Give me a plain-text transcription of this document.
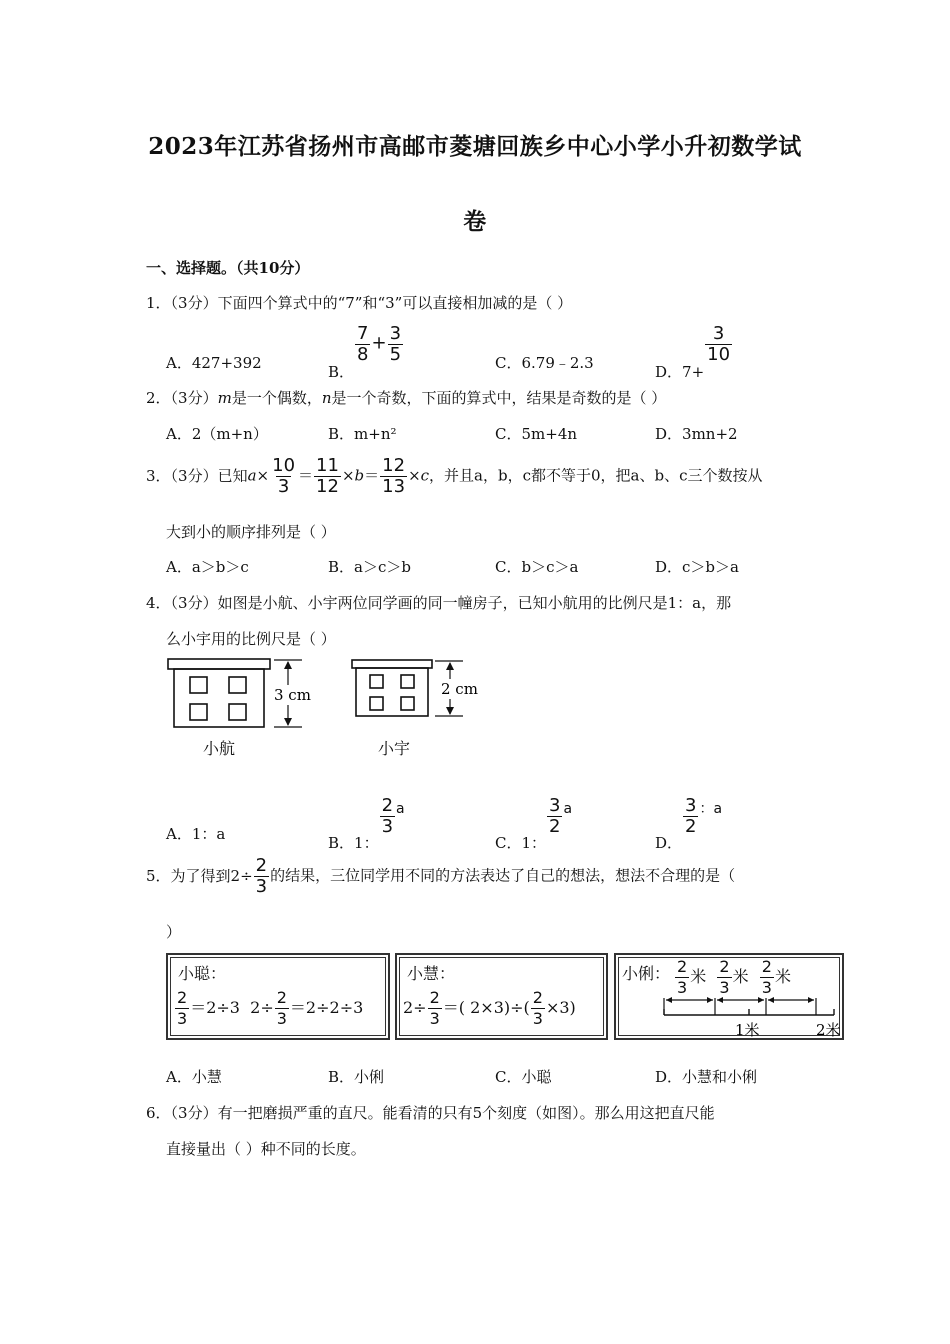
2023年江苏省扬州市高邮市菱塘回族乡中心小学小升初数学试
卷
一、选择题。（共10分）
1．（3分）下面四个算式中的“7”和“3”可以直接相加减的是（ ）
A．427+392	B．
$\frac{7}{8} + \frac{3}{5}$	C．6.79﹣2.3	D．7+
$\frac{3}{10}$
2．（3分）m是一个偶数，n是一个奇数，下面的算式中，结果是奇数的是（ ）
A．2（m+n）	B．m+n²	C．5m+4n	D．3mn+2
3．（3分）已知$a\times \frac{10}{3} = \frac{11}{12} \times b= \frac{12}{13} \times c$，并且a，b，c都不等于0，把a、b、c三个数按从
大到小的顺序排列是（ ）
A．a＞b＞c	B．a＞c＞b	C．b＞c＞a	D．c＞b＞a
4．（3分）如图是小航、小宇两位同学画的同一幢房子，已知小航用的比例尺是1：a，那
么小宇用的比例尺是（ ）
3 cm	2 cm
小航	小宇
A．1：a	B．1：
$\frac{2}{3}$ a
C．1：
$\frac{3}{2}$ a
D．
$\frac{3}{2}$ ：a
5．为了得到$2\div \frac{2}{3}$ 的结果，三位同学用不同的方法表达了自己的想法，想法不合理的是（
）
小聪：
$\frac{2}{3} =2\div 3$ $2\div \frac{2}{3} =2\div 2\div 3$
小慧：
$2\div \frac{2}{3}$ ＝( $2\times 3)\div( \frac{2}{3} \times 3)$
小俐： $\frac{2}{3}$ 米 $\frac{2}{3}$ 米 $\frac{2}{3}$ 米
1米	2米
A．小慧	B．小俐	C．小聪	D．小慧和小俐
6．（3分）有一把磨损严重的直尺。能看清的只有5个刻度（如图）。那么用这把直尺能
直接量出（ ）种不同的长度。
